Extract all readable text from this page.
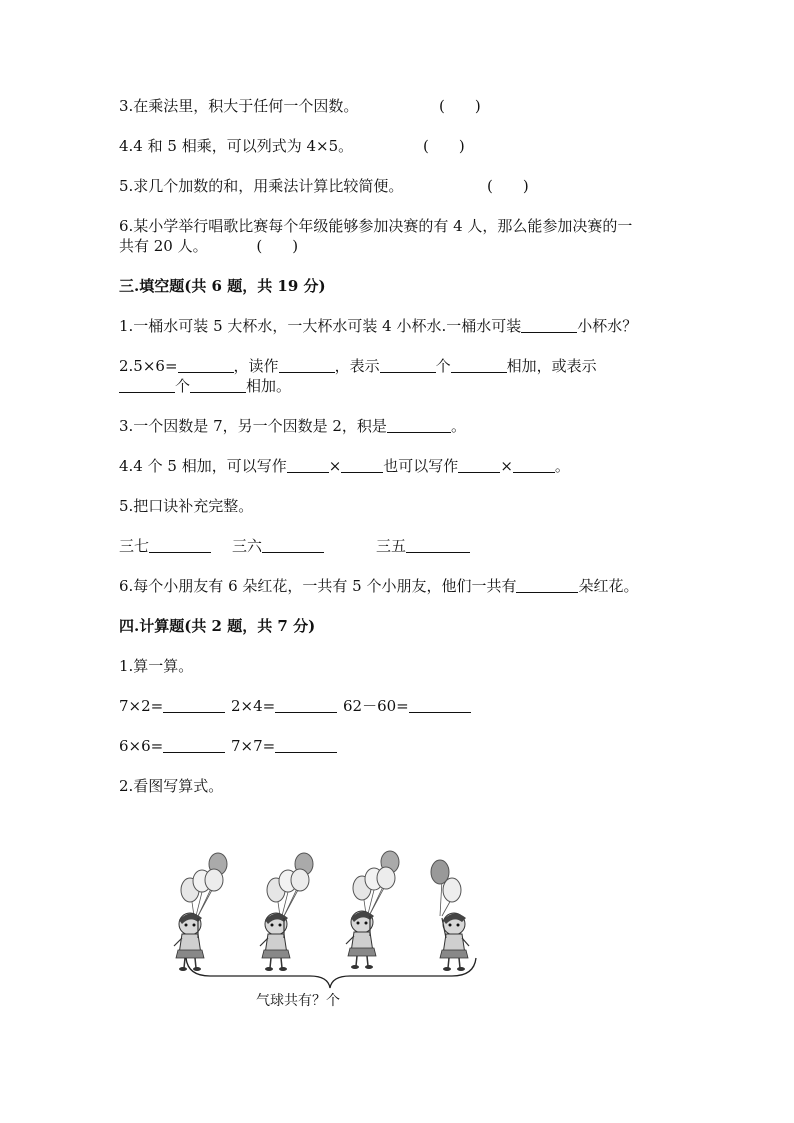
3.在乘法里，积大于任何一个因数。	(　　)
4.4 和 5 相乘，可以列式为 4×5。	(　　)
5.求几个加数的和，用乘法计算比较简便。	(　　)
6.某小学举行唱歌比赛每个年级能够参加决赛的有 4 人，那么能参加决赛的一
共有 20 人。	(　　)
三.填空题(共 6 题，共 19 分)
1.一桶水可装 5 大杯水，一大杯水可装 4 小杯水.一桶水可装	小杯水？
2.5×6=	，读作	，表示	个	相加，或表示
个	相加。
3.一个因数是 7，另一个因数是 2，积是	。
4.4 个 5 相加，可以写作	×	也可以写作	×	。
5.把口诀补充完整。
三七	三六	三五
6.每个小朋友有 6 朵红花，一共有 5 个小朋友，他们一共有	朵红花。
四.计算题(共 2 题，共 7 分)
1.算一算。
7×2=	2×4=	62－60=
6×6=	7×7=
2.看图写算式。
气球共有？个
